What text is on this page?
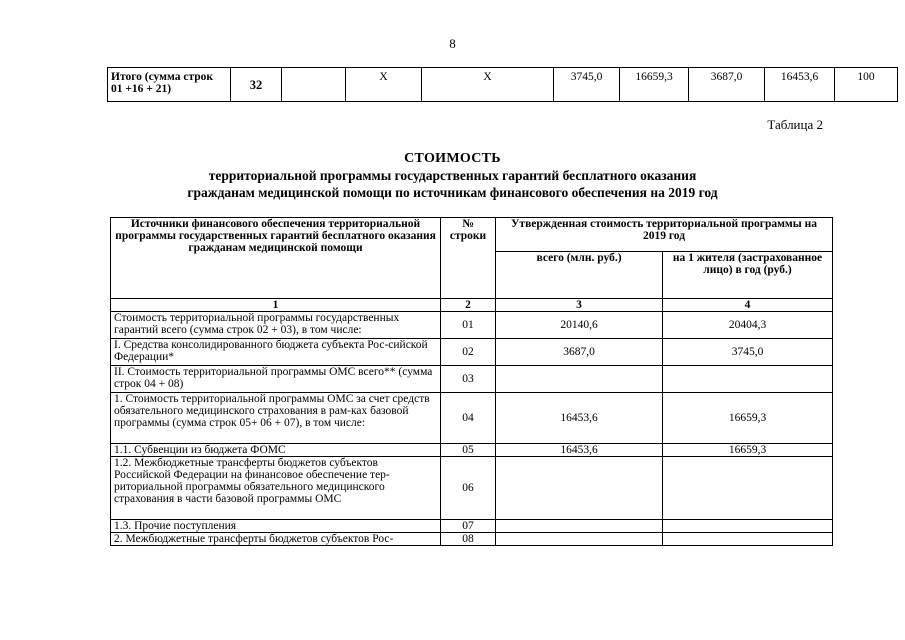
8
Итого (сумма строк 01 +16 + 21)	32		X	X	3745,0	16659,3	3687,0	16453,6	100
Таблица 2
СТОИМОСТЬ
территориальной программы государственных гарантий бесплатного оказания
гражданам медицинской помощи по источникам финансового обеспечения на 2019 год
Источники финансового обеспечения территориальной программы государственных гарантий бесплатного оказания гражданам медицинской помощи	№ строки	Утвержденная стоимость территориальной программы на 2019 год	
		всего (млн. руб.)	на 1 жителя (застрахованное лицо) в год (руб.)
1	2	3	4
Стоимость территориальной программы государственных гарантий всего (сумма строк 02 + 03), в том числе:	01	20140,6	20404,3
I. Средства консолидированного бюджета субъекта Рос-сийской Федерации*	02	3687,0	3745,0
II. Стоимость территориальной программы ОМС всего** (сумма строк 04 + 08)	03		
1. Стоимость территориальной программы ОМС за счет средств обязательного медицинского страхования в рам-ках базовой программы (сумма строк 05+ 06 + 07), в том числе:	04	16453,6	16659,3
1.1. Субвенции из бюджета ФОМС	05	16453,6	16659,3
1.2. Межбюджетные трансферты бюджетов субъектов Российской Федерации на финансовое обеспечение тер-риториальной программы обязательного медицинского страхования в части базовой программы ОМС	06		
1.3. Прочие поступления	07		
2. Межбюджетные трансферты бюджетов субъектов Рос-	08		
